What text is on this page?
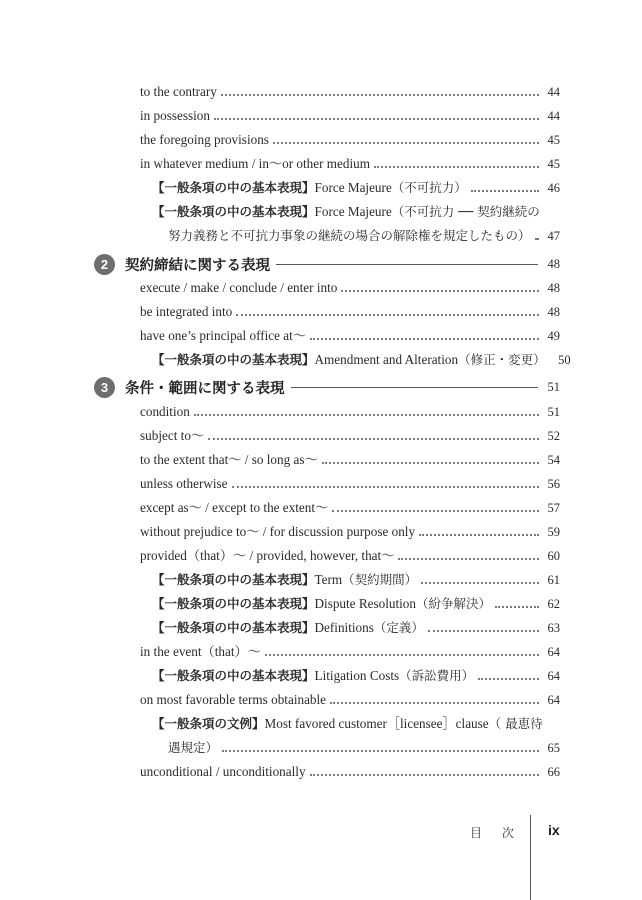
to the contrary	44
in possession	44
the foregoing provisions	45
in whatever medium / in～or other medium	45
【一般条項の中の基本表現】 Force Majeure （不可抗力）	46
【一般条項の中の基本表現】 Force Majeure （不可抗力 ── 契約継続の
努力義務と不可抗力事象の継続の場合の解除権を規定したもの）	47
2	契約締結に関する表現	48
execute / make / conclude / enter into	48
be integrated into	48
have one’s principal office at～	49
【一般条項の中の基本表現】 Amendment and Alteration （修正・変更）	50
3	条件・範囲に関する表現	51
condition	51
subject to～	52
to the extent that～ / so long as～	54
unless otherwise	56
except as～ / except to the extent～	57
without prejudice to～ / for discussion purpose only	59
provided（that）～ / provided, however, that～	60
【一般条項の中の基本表現】 Term （契約期間）	61
【一般条項の中の基本表現】 Dispute Resolution （紛争解決）	62
【一般条項の中の基本表現】 Definitions （定義）	63
in the event（that）～	64
【一般条項の中の基本表現】 Litigation Costs （訴訟費用）	64
on most favorable terms obtainable	64
【一般条項の文例】 Most favored customer［licensee］clause （ 最恵待
遇規定）	65
unconditional / unconditionally	66
目 次 ix
